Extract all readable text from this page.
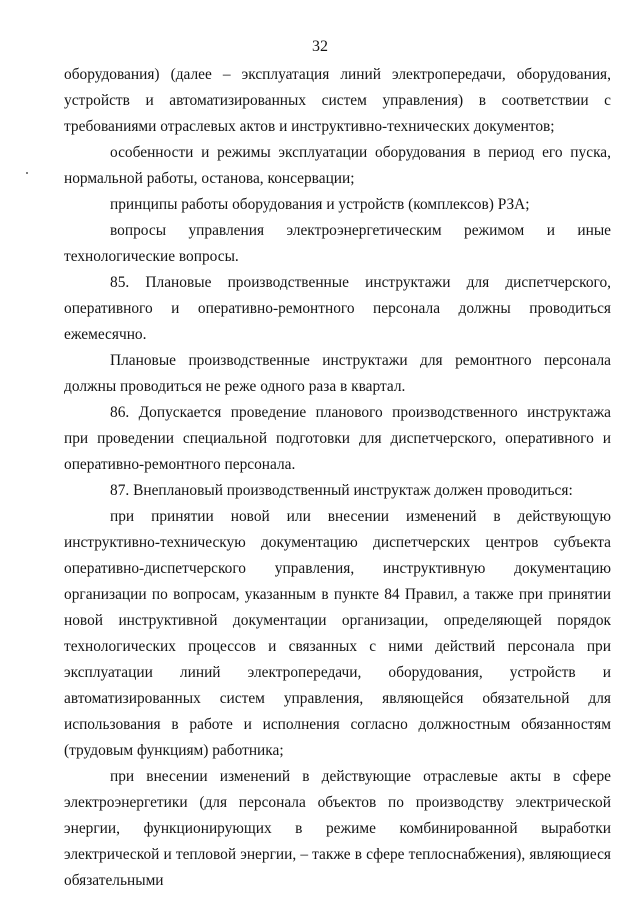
32

оборудования) (далее – эксплуатация линий электропередачи, оборудования, устройств и автоматизированных систем управления) в соответствии с требованиями отраслевых актов и инструктивно-технических документов;

особенности и режимы эксплуатации оборудования в период его пуска, нормальной работы, останова, консервации;

принципы работы оборудования и устройств (комплексов) РЗА;

вопросы управления электроэнергетическим режимом и иные технологические вопросы.

85. Плановые производственные инструктажи для диспетчерского, оперативного и оперативно-ремонтного персонала должны проводиться ежемесячно.

Плановые производственные инструктажи для ремонтного персонала должны проводиться не реже одного раза в квартал.

86. Допускается проведение планового производственного инструктажа при проведении специальной подготовки для диспетчерского, оперативного и оперативно-ремонтного персонала.

87. Внеплановый производственный инструктаж должен проводиться:

при принятии новой или внесении изменений в действующую инструктивно-техническую документацию диспетчерских центров субъекта оперативно-диспетчерского управления, инструктивную документацию организации по вопросам, указанным в пункте 84 Правил, а также при принятии новой инструктивной документации организации, определяющей порядок технологических процессов и связанных с ними действий персонала при эксплуатации линий электропередачи, оборудования, устройств и автоматизированных систем управления, являющейся обязательной для использования в работе и исполнения согласно должностным обязанностям (трудовым функциям) работника;

при внесении изменений в действующие отраслевые акты в сфере электроэнергетики (для персонала объектов по производству электрической энергии, функционирующих в режиме комбинированной выработки электрической и тепловой энергии, – также в сфере теплоснабжения), являющиеся обязательными
